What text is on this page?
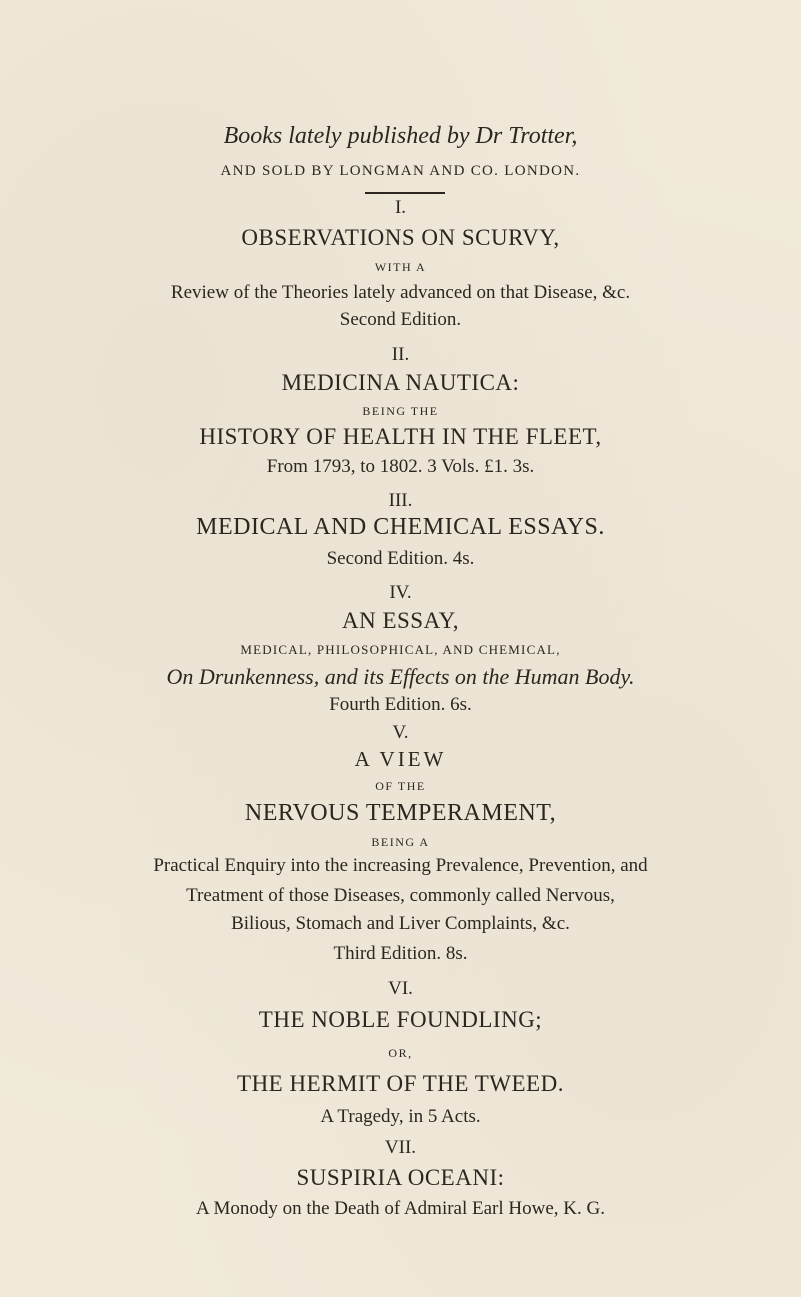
Books lately published by Dr Trotter,
AND SOLD BY LONGMAN AND CO. LONDON.
I.
OBSERVATIONS ON SCURVY,
WITH A
Review of the Theories lately advanced on that Disease, &c.
Second Edition.
II.
MEDICINA NAUTICA:
BEING THE
HISTORY OF HEALTH IN THE FLEET,
From 1793, to 1802. 3 Vols. £1. 3s.
III.
MEDICAL AND CHEMICAL ESSAYS.
Second Edition. 4s.
IV.
AN ESSAY,
MEDICAL, PHILOSOPHICAL, AND CHEMICAL,
On Drunkenness, and its Effects on the Human Body.
Fourth Edition. 6s.
V.
A VIEW
OF THE
NERVOUS TEMPERAMENT,
BEING A
Practical Enquiry into the increasing Prevalence, Prevention, and
Treatment of those Diseases, commonly called Nervous,
Bilious, Stomach and Liver Complaints, &c.
Third Edition. 8s.
VI.
THE NOBLE FOUNDLING;
OR,
THE HERMIT OF THE TWEED.
A Tragedy, in 5 Acts.
VII.
SUSPIRIA OCEANI:
A Monody on the Death of Admiral Earl Howe, K. G.
